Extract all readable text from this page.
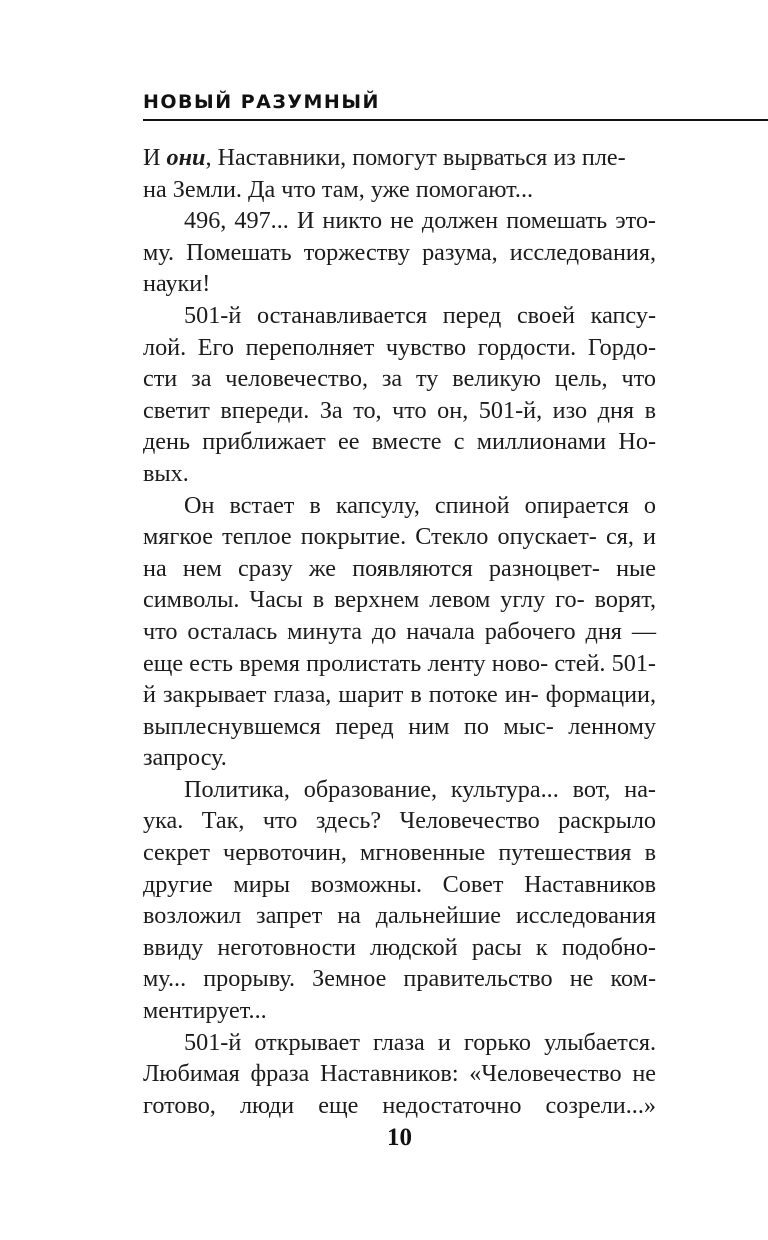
НОВЫЙ РАЗУМНЫЙ

И они, Наставники, помогут вырваться из пле-
на Земли. Да что там, уже помогают...

496, 497... И никто не должен помешать это- му. Помешать торжеству разума, исследования, науки!

501-й останавливается перед своей капсу- лой. Его переполняет чувство гордости. Гордо- сти за человечество, за ту великую цель, что светит впереди. За то, что он, 501-й, изо дня в день приближает ее вместе с миллионами Но- вых.

Он встает в капсулу, спиной опирается о мягкое теплое покрытие. Стекло опускает- ся, и на нем сразу же появляются разноцвет- ные символы. Часы в верхнем левом углу го- ворят, что осталась минута до начала рабочего дня — еще есть время пролистать ленту ново- стей. 501-й закрывает глаза, шарит в потоке ин- формации, выплеснувшемся перед ним по мыс- ленному запросу.

Политика, образование, культура... вот, на- ука. Так, что здесь? Человечество раскрыло секрет червоточин, мгновенные путешествия в другие миры возможны. Совет Наставников возложил запрет на дальнейшие исследования ввиду неготовности людской расы к подобно- му... прорыву. Земное правительство не ком- ментирует...

501-й открывает глаза и горько улыбается. Любимая фраза Наставников: «Человечество не готово, люди еще недостаточно созрели...»

10
